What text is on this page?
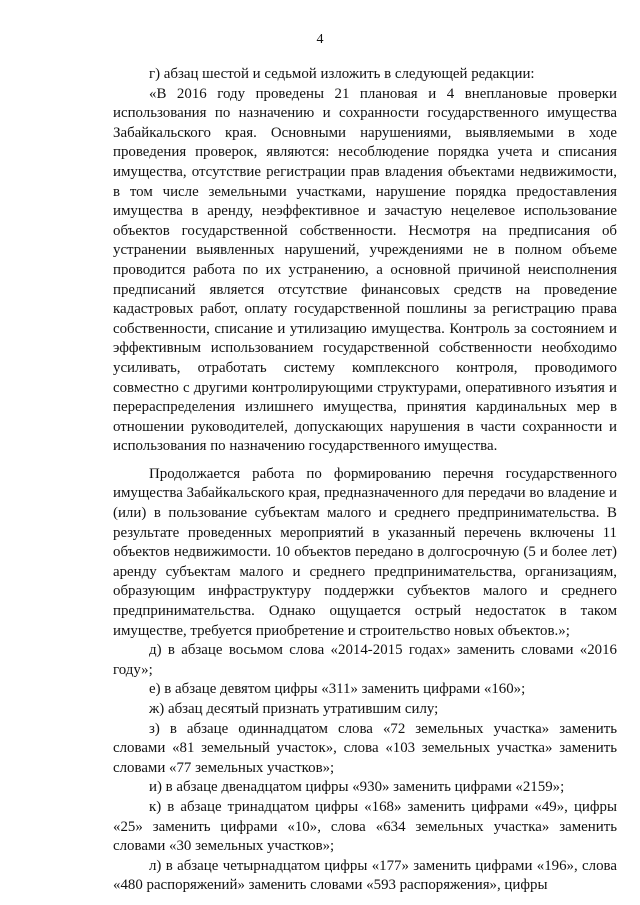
4

г) абзац шестой и седьмой изложить в следующей редакции:

«В 2016 году проведены 21 плановая и 4 внеплановые проверки использования по назначению и сохранности государственного имущества Забайкальского края. Основными нарушениями, выявляемыми в ходе проведения проверок, являются: несоблюдение порядка учета и списания имущества, отсутствие регистрации прав владения объектами недвижимости, в том числе земельными участками, нарушение порядка предоставления имущества в аренду, неэффективное и зачастую нецелевое использование объектов государственной собственности. Несмотря на предписания об устранении выявленных нарушений, учреждениями не в полном объеме проводится работа по их устранению, а основной причиной неисполнения предписаний является отсутствие финансовых средств на проведение кадастровых работ, оплату государственной пошлины за регистрацию права собственности, списание и утилизацию имущества. Контроль за состоянием и эффективным использованием государственной собственности необходимо усиливать, отработать систему комплексного контроля, проводимого совместно с другими контролирующими структурами, оперативного изъятия и перераспределения излишнего имущества, принятия кардинальных мер в отношении руководителей, допускающих нарушения в части сохранности и использования по назначению государственного имущества.

Продолжается работа по формированию перечня государственного имущества Забайкальского края, предназначенного для передачи во владение и (или) в пользование субъектам малого и среднего предпринимательства. В результате проведенных мероприятий в указанный перечень включены 11 объектов недвижимости. 10 объектов передано в долгосрочную (5 и более лет) аренду субъектам малого и среднего предпринимательства, организациям, образующим инфраструктуру поддержки субъектов малого и среднего предпринимательства. Однако ощущается острый недостаток в таком имуществе, требуется приобретение и строительство новых объектов.»;

д) в абзаце восьмом слова «2014-2015 годах» заменить словами «2016 году»;

е) в абзаце девятом цифры «311» заменить цифрами «160»;

ж) абзац десятый признать утратившим силу;

з) в абзаце одиннадцатом слова «72 земельных участка» заменить словами «81 земельный участок», слова «103 земельных участка» заменить словами «77 земельных участков»;

и) в абзаце двенадцатом цифры «930» заменить цифрами «2159»;

к) в абзаце тринадцатом цифры «168» заменить цифрами «49», цифры «25» заменить цифрами «10», слова «634 земельных участка» заменить словами «30 земельных участков»;

л) в абзаце четырнадцатом цифры «177» заменить цифрами «196», слова «480 распоряжений» заменить словами «593 распоряжения», цифры
